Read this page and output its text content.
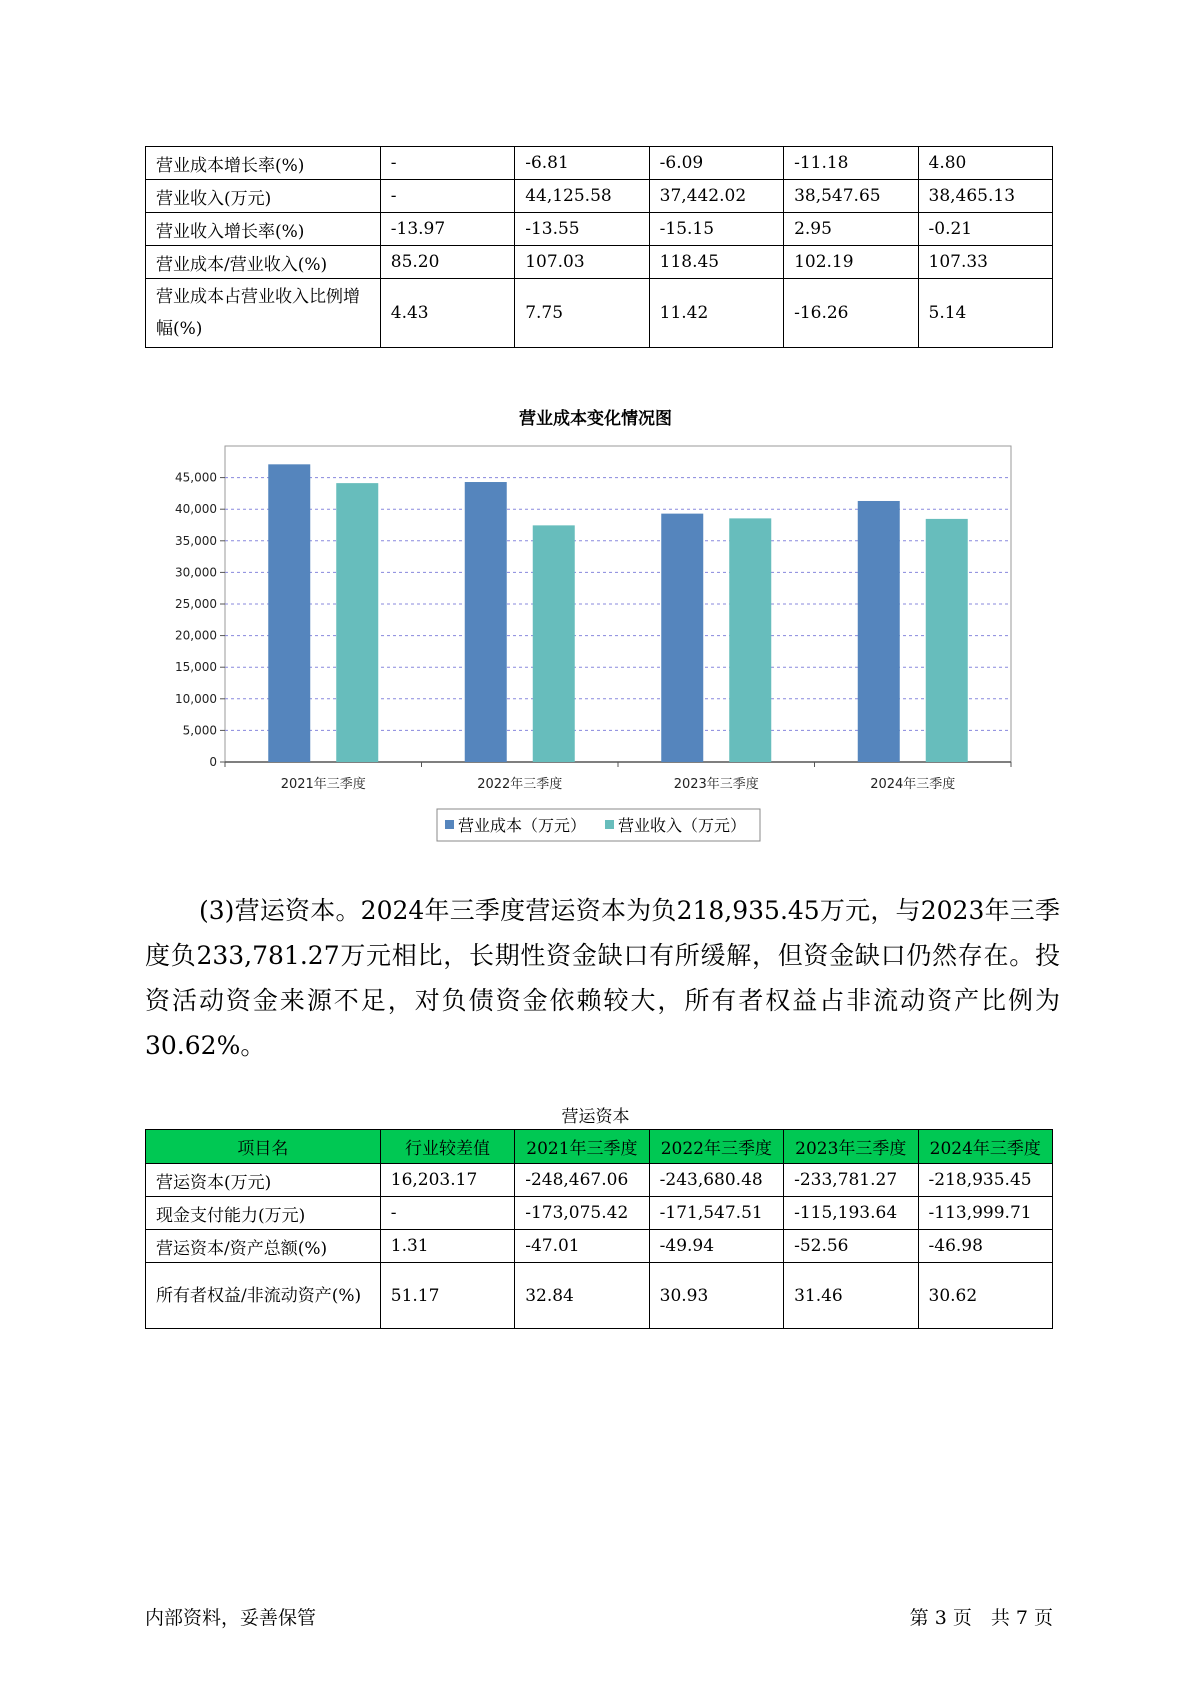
营业成本增长率(%)	-	-6.81	-6.09	-11.18	4.80
营业收入(万元)	-	44,125.58	37,442.02	38,547.65	38,465.13
营业收入增长率(%)	-13.97	-13.55	-15.15	2.95	-0.21
营业成本/营业收入(%)	85.20	107.03	118.45	102.19	107.33
营业成本占营业收入比例增幅(%)	4.43	7.75	11.42	-16.26	5.14
营业成本变化情况图
0
5,000
10,000
15,000
20,000
25,000
30,000
35,000
40,000
45,000
2021年三季度	2022年三季度	2023年三季度	2024年三季度
营业成本（万元） 营业收入（万元）

(3)营运资本。2024年三季度营运资本为负218,935.45万元，与2023年三季度负233,781.27万元相比，长期性资金缺口有所缓解，但资金缺口仍然存在。投资活动资金来源不足，对负债资金依赖较大，所有者权益占非流动资产比例为30.62%。

营运资本
项目名	行业较差值	2021年三季度	2022年三季度	2023年三季度	2024年三季度
营运资本(万元)	16,203.17	-248,467.06	-243,680.48	-233,781.27	-218,935.45
现金支付能力(万元)	-	-173,075.42	-171,547.51	-115,193.64	-113,999.71
营运资本/资产总额(%)	1.31	-47.01	-49.94	-52.56	-46.98
所有者权益/非流动资产(%)	51.17	32.84	30.93	31.46	30.62
内部资料，妥善保管	第 3 页　共 7 页
